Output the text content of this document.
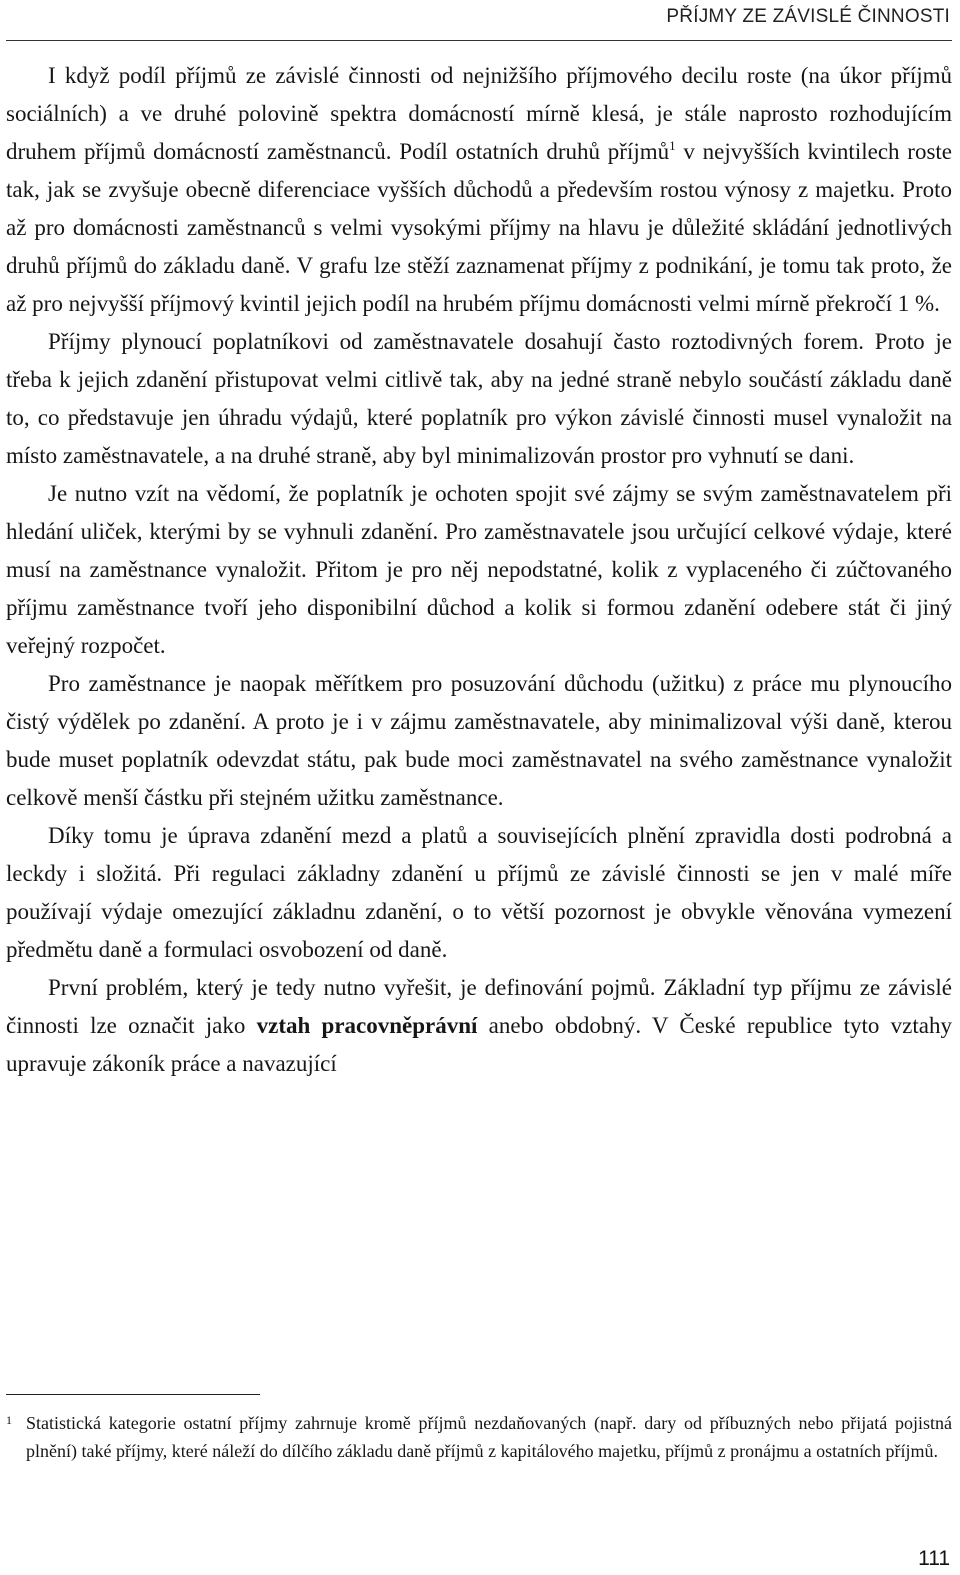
PŘÍJMY ZE ZÁVISLÉ ČINNOSTI

I když podíl příjmů ze závislé činnosti od nejnižšího příjmového decilu roste (na úkor příjmů sociálních) a ve druhé polovině spektra domácností mírně klesá, je stále naprosto rozhodujícím druhem příjmů domácností zaměstnanců. Podíl ostatních druhů příjmů$^1$ v nejvyšších kvintilech roste tak, jak se zvyšuje obecně diferenciace vyšších důchodů a především rostou výnosy z majetku. Proto až pro domácnosti zaměstnanců s velmi vysokými příjmy na hlavu je důležité skládání jednotlivých druhů příjmů do základu daně. V grafu lze stěží zaznamenat příjmy z podnikání, je tomu tak proto, že až pro nejvyšší příjmový kvintil jejich podíl na hrubém příjmu domácnosti velmi mírně překročí 1 %.

Příjmy plynoucí poplatníkovi od zaměstnavatele dosahují často roztodivných forem. Proto je třeba k jejich zdanění přistupovat velmi citlivě tak, aby na jedné straně nebylo součástí základu daně to, co představuje jen úhradu výdajů, které poplatník pro výkon závislé činnosti musel vynaložit na místo zaměstnavatele, a na druhé straně, aby byl minimalizován prostor pro vyhnutí se dani.

Je nutno vzít na vědomí, že poplatník je ochoten spojit své zájmy se svým zaměstnavatelem při hledání uliček, kterými by se vyhnuli zdanění. Pro zaměstnavatele jsou určující celkové výdaje, které musí na zaměstnance vynaložit. Přitom je pro něj nepodstatné, kolik z vyplaceného či zúčtovaného příjmu zaměstnance tvoří jeho disponibilní důchod a kolik si formou zdanění odebere stát či jiný veřejný rozpočet.

Pro zaměstnance je naopak měřítkem pro posuzování důchodu (užitku) z práce mu plynoucího čistý výdělek po zdanění. A proto je i v zájmu zaměstnavatele, aby minimalizoval výši daně, kterou bude muset poplatník odevzdat státu, pak bude moci zaměstnavatel na svého zaměstnance vynaložit celkově menší částku při stejném užitku zaměstnance.

Díky tomu je úprava zdanění mezd a platů a souvisejících plnění zpravidla dosti podrobná a leckdy i složitá. Při regulaci základny zdanění u příjmů ze závislé činnosti se jen v malé míře používají výdaje omezující základnu zdanění, o to větší pozornost je obvykle věnována vymezení předmětu daně a formulaci osvobození od daně.

První problém, který je tedy nutno vyřešit, je definování pojmů. Základní typ příjmu ze závislé činnosti lze označit jako vztah pracovněprávní anebo obdobný. V České republice tyto vztahy upravuje zákoník práce a navazující

1 Statistická kategorie ostatní příjmy zahrnuje kromě příjmů nezdaňovaných (např. dary od příbuzných nebo přijatá pojistná plnění) také příjmy, které náleží do dílčího základu daně příjmů z kapitálového majetku, příjmů z pronájmu a ostatních příjmů.
111
